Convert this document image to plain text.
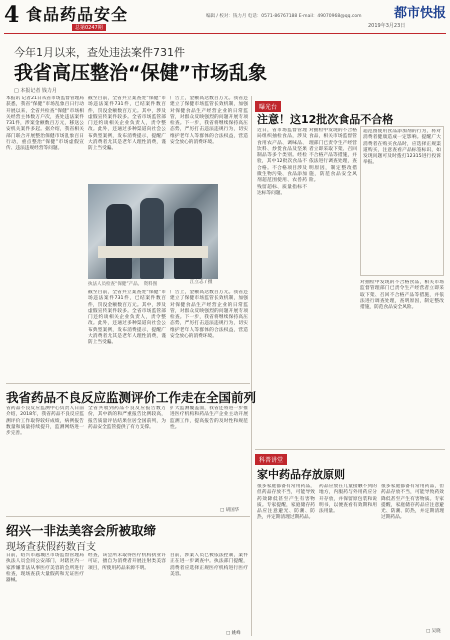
4 食品药品安全
总第0247期
编辑 / 校对：钱力月 电话：0571-86767188 E-mail：49070968@qq.com
2019年3月23日
都市快报
今年1月以来，查处违法案件731件
我省高压整治“保健”市场乱象
□ 本报记者 钱力月
本报讯 记者21日从省市场监督管理局获悉，我省“保健”市场乱象百日行动开展以来，全省共检查“保健”市场相关经营主体数万户次，查处违法案件731件，涉案金额数百万元，移送公安机关案件多起。据介绍，我省相关部门联合开展整治保健市场乱象百日行动，重点整治“保健”市场虚假宣传、违法违规经营等问题。
截至目前，全省共立案查处“保健”市场违法案件731件，已结案件数百件，罚没金额数百万元。其中，涉及虚假宣传案件较多。全省市场监管部门还约谈相关企业负责人，责令整改。此外，还通过多种渠道向社会公布典型案例，发布消费提示，提醒广大消费者尤其是老年人理性消费，谨防上当受骗。
广告上，金额高达数百万元。我省还建立了保健市场监管长效机制，加强对保健食品生产经营企业的日常监管，对群众反映强烈的问题开展专项检查。下一步，我省将继续保持高压态势，严厉打击违法违规行为，切实维护老年人等群体的合法权益，营造安全放心的消费环境。
江立志 / 摄
执法人员检查“保健”产品。 资料图
截至目前，全省共立案查处“保健”市场违法案件731件，已结案件数百件，罚没金额数百万元。其中，涉及虚假宣传案件较多。全省市场监管部门还约谈相关企业负责人，责令整改。此外，还通过多种渠道向社会公布典型案例，发布消费提示，提醒广大消费者尤其是老年人理性消费，谨防上当受骗。
广告上，金额高达数百万元。我省还建立了保健市场监管长效机制，加强对保健食品生产经营企业的日常监管，对群众反映强烈的问题开展专项检查。下一步，我省将继续保持高压态势，严厉打击违法违规行为，切实维护老年人等群体的合法权益，营造安全放心的消费环境。
曝光台
注意！这12批次食品不合格
近日，省市场监督管理局组织抽检食品，涉及食用农产品、调味品、饮料、炒货食品及坚果制品等多个类别。经检验，其中12批次食品不合格。不合格项目涉及微生物污染、食品添加剂超范围使用、农兽药残留超标、质量指标不达标等问题。
对抽检中发现的不合格食品，相关市场监督管理部门已责令生产经营者立即采取下架、召回不合格产品等措施，并依法进行调查处理，查明原因，制定整改措施，防范食品安全风险。
超范围使用食品添加剂的行为，将对消费者健康造成一定影响。提醒广大消费者在购买食品时，应选择正规渠道购买，注意查看产品标签标识，如发现问题可及时拨打12315进行投诉举报。
对抽检中发现的不合格食品，相关市场监督管理部门已责令生产经营者立即采取下架、召回不合格产品等措施，并依法进行调查处理，查明原因，制定整改措施，防范食品安全风险。
我省药品不良反应监测评价工作走在全国前列
省药品不良反应监测中心负责人日前介绍，2018年，我省药品不良反应监测评价工作取得较好成绩，病例报告数量和质量持续提升，监测网络进一步完善。
全省共收到药品不良反应报告数万份，其中新的和严重报告比例较高，报告质量评估结果位居全国前列，为药品安全监管提供了有力支撑。
扩大监测覆盖面，我省还将进一步推进医疗机构和药品生产企业主动开展监测工作，提高报告的及时性和规范性。
□ 胡国华
绍兴一非法美容会所被取缔
现场查获假药数百支
日前，绍兴市越城区市场监督管理局执法人员会同公安部门，对辖区内一家涉嫌非法从事医疗美容的会所进行检查，现场查获大量假药和无证医疗器械。
经查，该会所未取得医疗机构执业许可证，擅自为消费者开展注射类美容项目，所使用药品来源不明。
目前，涉案人员已被依法控制，案件正在进一步调查中。执法部门提醒，消费者应选择正规医疗机构进行医疗美容。
□ 姚峰
科普讲堂
家中药品存放原则
很多家庭都备有常用药品，但药品存放不当，可能导致药效降低甚至产生有害物质。专家提醒，家庭储存药品应注意避光、防潮、防热，并定期清理过期药品。
药品应放在儿童接触不到的地方，内服药与外用药应分开存放，并保留原包装和说明书，以便查看有效期和用法用量。
很多家庭都备有常用药品，但药品存放不当，可能导致药效降低甚至产生有害物质。专家提醒，家庭储存药品应注意避光、防潮、防热，并定期清理过期药品。
□ 吴晓
